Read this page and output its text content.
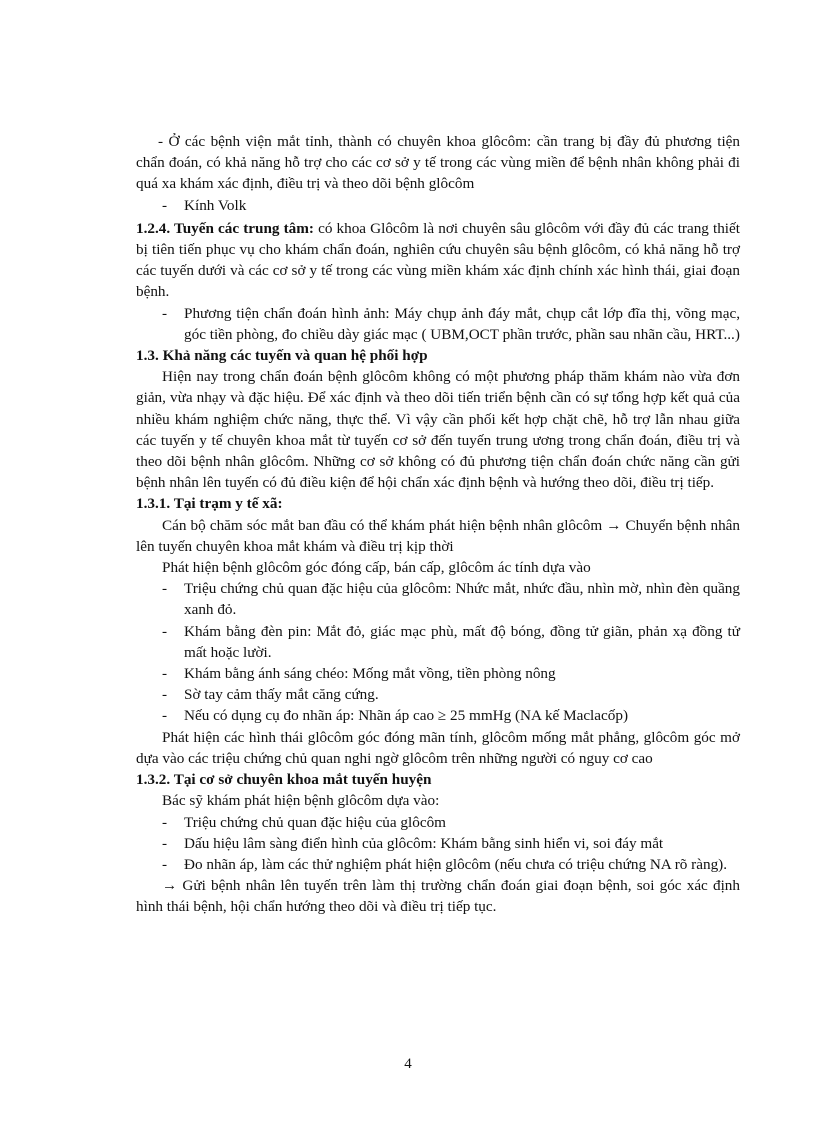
- Ở các bệnh viện mắt tỉnh, thành có chuyên khoa glôcôm: cần trang bị đầy đủ phương tiện chẩn đoán, có khả năng hỗ trợ cho các cơ sở y tế trong các vùng miền để bệnh nhân không phải đi quá xa khám xác định, điều trị và theo dõi bệnh glôcôm

-	Kính Volk

1.2.4. Tuyến các trung tâm: có khoa Glôcôm là nơi chuyên sâu glôcôm với đầy đủ các trang thiết bị tiên tiến phục vụ cho khám chẩn đoán, nghiên cứu chuyên sâu bệnh glôcôm, có khả năng hỗ trợ các tuyến dưới và các cơ sở y tế trong các vùng miền khám xác định chính xác hình thái, giai đoạn bệnh.

-	Phương tiện chẩn đoán hình ảnh: Máy chụp ảnh đáy mắt, chụp cắt lớp đĩa thị, võng mạc, góc tiền phòng, đo chiều dày giác mạc ( UBM,OCT phần trước, phần sau nhãn cầu, HRT...)

1.3. Khả năng các tuyến và quan hệ phối hợp

Hiện nay trong chẩn đoán bệnh glôcôm không có một phương pháp thăm khám nào vừa đơn giản, vừa nhạy và đặc hiệu. Để xác định và theo dõi tiến triển bệnh cần có sự tổng hợp kết quả của nhiều khám nghiệm chức năng, thực thể. Vì vậy cần phối kết hợp chặt chẽ, hỗ trợ lẫn nhau giữa các tuyến y tế chuyên khoa mắt từ tuyến cơ sở đến tuyến trung ương trong chẩn đoán, điều trị và theo dõi bệnh nhân glôcôm. Những cơ sở không có đủ phương tiện chẩn đoán chức năng cần gửi bệnh nhân lên tuyến có đủ điều kiện để hội chẩn xác định bệnh và hướng theo dõi, điều trị tiếp.

1.3.1. Tại trạm y tế xã:

Cán bộ chăm sóc mắt ban đầu có thể khám phát hiện bệnh nhân glôcôm → Chuyển bệnh nhân lên tuyến chuyên khoa mắt khám và điều trị kịp thời

Phát hiện bệnh glôcôm góc đóng cấp, bán cấp, glôcôm ác tính dựa vào

-	Triệu chứng chủ quan đặc hiệu của glôcôm: Nhức mắt, nhức đầu, nhìn mờ, nhìn đèn quầng xanh đỏ.
-	Khám bằng đèn pin: Mắt đỏ, giác mạc phù, mất độ bóng, đồng tử giãn, phản xạ đồng tử mất hoặc lười.
-	Khám bằng ánh sáng chéo: Mống mắt vồng, tiền phòng nông
-	Sờ tay cảm thấy mắt căng cứng.
-	Nếu có dụng cụ đo nhãn áp: Nhãn áp cao ≥ 25 mmHg (NA kế Maclacốp)

Phát hiện các hình thái glôcôm góc đóng mãn tính, glôcôm mống mắt phẳng, glôcôm góc mở dựa vào các triệu chứng chủ quan nghi ngờ glôcôm trên những người có nguy cơ cao

1.3.2. Tại cơ sở chuyên khoa mắt tuyến huyện

Bác sỹ khám phát hiện bệnh glôcôm dựa vào:

-	Triệu chứng chủ quan đặc hiệu của glôcôm
-	Dấu hiệu lâm sàng điển hình của glôcôm: Khám bằng sinh hiển vi, soi đáy mắt
-	Đo nhãn áp, làm các thử nghiệm phát hiện glôcôm (nếu chưa có triệu chứng NA rõ ràng).

→ Gửi bệnh nhân lên tuyến trên làm thị trường chẩn đoán giai đoạn bệnh, soi góc xác định hình thái bệnh, hội chẩn hướng theo dõi và điều trị tiếp tục.

4
